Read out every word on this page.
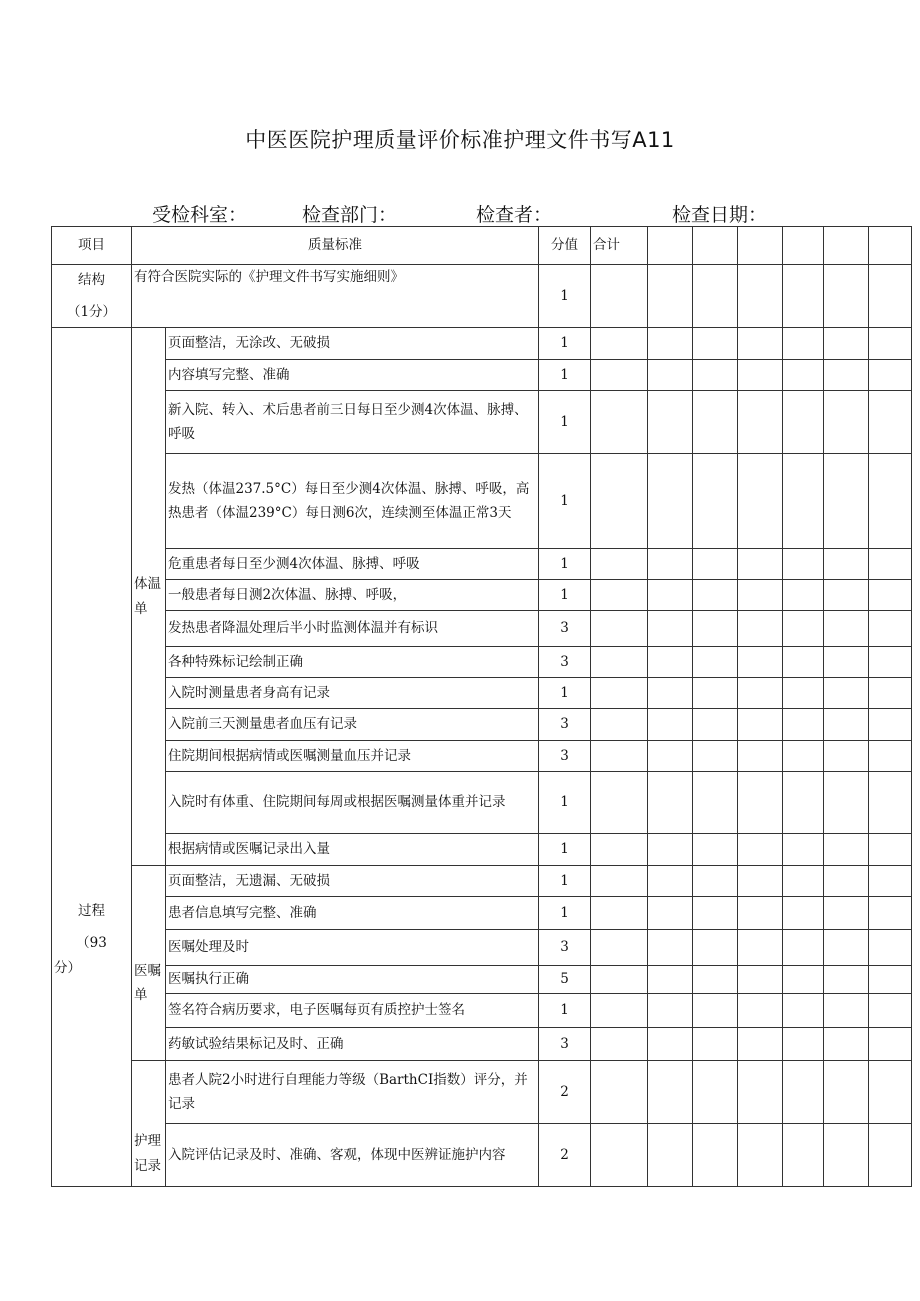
中医医院护理质量评价标准护理文件书写A11
受检科室：	检查部门：	检查者：	检查日期：
项目	质量标准		分值	合计						

结构
（1分）	有符合医院实际的《护理文件书写实施细则》		1							

过程
（93
分）	体温单	页面整洁，无涂改、无破损	1							
		内容填写完整、准确	1							
		新入院、转入、术后患者前三日每日至少测4次体温、脉搏、呼吸	1							
		发热（体温237.5°C）每日至少测4次体温、脉搏、呼吸，高热患者（体温239°C）每日测6次，连续测至体温正常3天	1							
		危重患者每日至少测4次体温、脉搏、呼吸	1							
		一般患者每日测2次体温、脉搏、呼吸，	1							
		发热患者降温处理后半小时监测体温并有标识	3							
		各种特殊标记绘制正确	3							
		入院时测量患者身高有记录	1							
		入院前三天测量患者血压有记录	3							
		住院期间根据病情或医嘱测量血压并记录	3							
		入院时有体重、住院期间每周或根据医嘱测量体重并记录	1							
		根据病情或医嘱记录出入量	1							

	医嘱单	页面整洁，无遗漏、无破损	1							
		患者信息填写完整、准确	1							
		医嘱处理及时	3							
		医嘱执行正确	5							
		签名符合病历要求，电子医嘱每页有质控护士签名	1							
		药敏试验结果标记及时、正确	3							

	护理记录	患者人院2小时进行自理能力等级（BarthCI指数）评分，并记录	2							
		入院评估记录及时、准确、客观，体现中医辨证施护内容	2							
